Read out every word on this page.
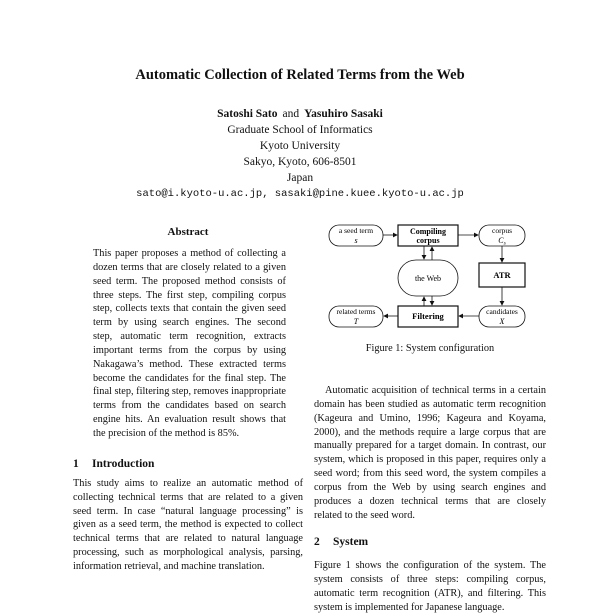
Automatic Collection of Related Terms from the Web
Satoshi Sato and Yasuhiro Sasaki
Graduate School of Informatics
Kyoto University
Sakyo, Kyoto, 606-8501
Japan
sato@i.kyoto-u.ac.jp, sasaki@pine.kuee.kyoto-u.ac.jp
Abstract

This paper proposes a method of collecting a dozen terms that are closely related to a given seed term. The proposed method consists of three steps. The first step, compiling corpus step, collects texts that contain the given seed term by using search engines. The second step, automatic term recognition, extracts important terms from the corpus by using Nakagawa’s method. These extracted terms become the candidates for the final step. The final step, filtering step, removes inappropriate terms from the candidates based on search engine hits. An evaluation result shows that the precision of the method is 85%.

1 Introduction

This study aims to realize an automatic method of collecting technical terms that are related to a given seed term. In case “natural language processing” is given as a seed term, the method is expected to collect technical terms that are related to natural language processing, such as morphological analysis, parsing, information retrieval, and machine translation.

a seed term
s
Compiling
corpus
corpus
Cs
the Web	ATR
related terms
T
Filtering	candidates
X
Figure 1: System configuration

Automatic acquisition of technical terms in a certain domain has been studied as automatic term recognition (Kageura and Umino, 1996; Kageura and Koyama, 2000), and the methods require a large corpus that are manually prepared for a target domain. In contrast, our system, which is proposed in this paper, requires only a seed word; from this seed word, the system compiles a corpus from the Web by using search engines and produces a dozen technical terms that are closely related to the seed word.

2 System

Figure 1 shows the configuration of the system. The system consists of three steps: compiling corpus, automatic term recognition (ATR), and filtering. This system is implemented for Japanese language.
